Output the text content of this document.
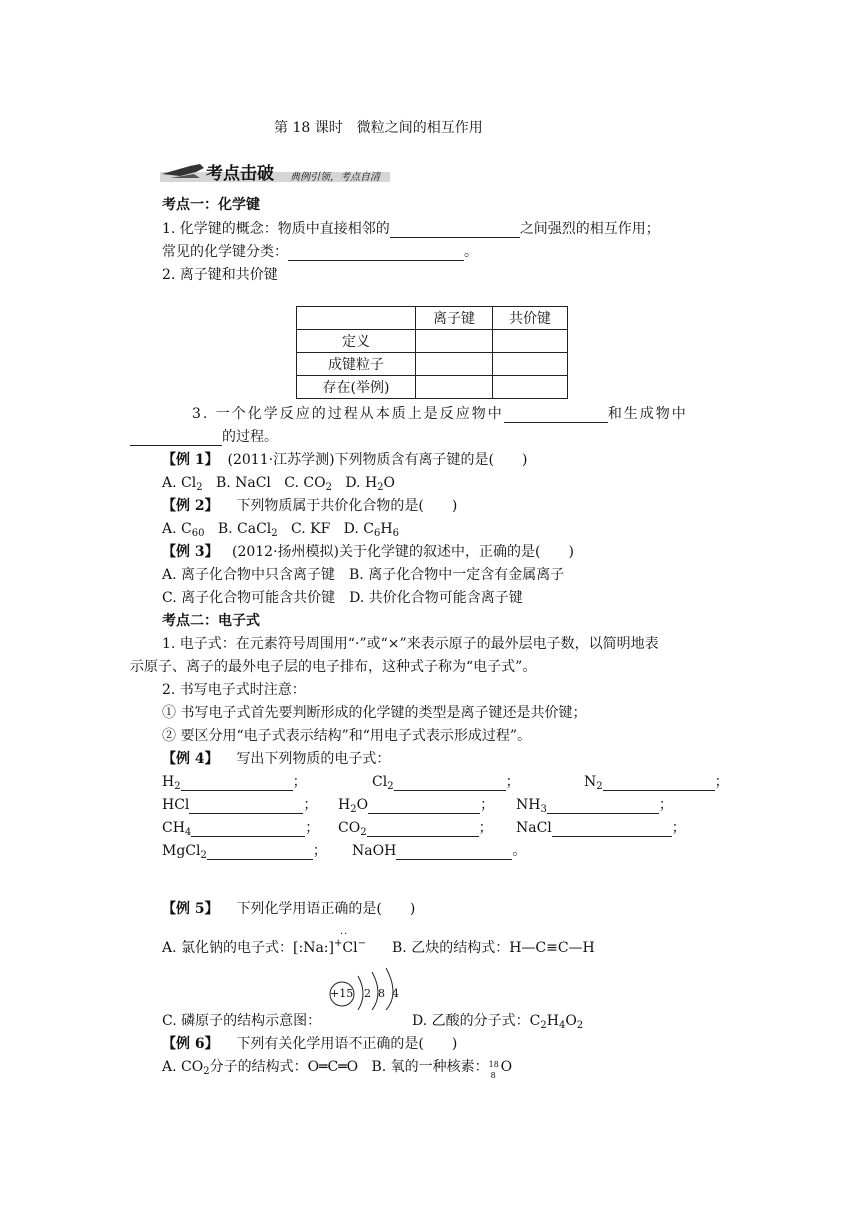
第 18 课时　微粒之间的相互作用
考点击破 典例引领，考点自清
考点一：化学键
1. 化学键的概念：物质中直接相邻的	之间强烈的相互作用；
常见的化学键分类：	。
2. 离子键和共价键
	离子键	共价键
定义		
成键粒子		
存在(举例)		
3. 一个化学反应的过程从本质上是反应物中	和生成物中
的过程。
【例 1】 (2011·江苏学测)下列物质含有离子键的是(　　)
A. $Cl_2$ B. NaCl C. $CO_2$ D. $H_2O$
【例 2】 下列物质属于共价化合物的是(　　)
A. $C_{60}$ B. CaCl$_2$ C. KF D. $C_6H_6$
【例 3】 (2012·扬州模拟)关于化学键的叙述中，正确的是(　　)
A. 离子化合物中只含离子键　B. 离子化合物中一定含有金属离子
C. 离子化合物可能含共价键　D. 共价化合物可能含离子键
考点二：电子式
1. 电子式：在元素符号周围用“·”或“×”来表示原子的最外层电子数，以简明地表
示原子、离子的最外电子层的电子排布，这种式子称为“电子式”。
2. 书写电子式时注意：
① 书写电子式首先要判断形成的化学键的类型是离子键还是共价键；
② 要区分用“电子式表示结构”和“用电子式表示形成过程”。
【例 4】 写出下列物质的电子式：
$H_2$	；	$Cl_2$	；	$N_2$	；
HCl	； $H_2O$	； $NH_3$	；
$CH_4$	； $CO_2$	； NaCl	；
MgCl$_2$	； NaOH	。
【例 5】 下列化学用语正确的是(　　)
··
A. 氯化钠的电子式：[:Na:]+Cl− B. 乙炔的结构式：H—C≡C—H
+15 2 8 4
C. 磷原子的结构示意图：	D. 乙酸的分子式：$C_2H_4O_2$
【例 6】 下列有关化学用语不正确的是(　　)
A. $CO_2$分子的结构式：O═C═O B. 氧的一种核素： 18
8
O
